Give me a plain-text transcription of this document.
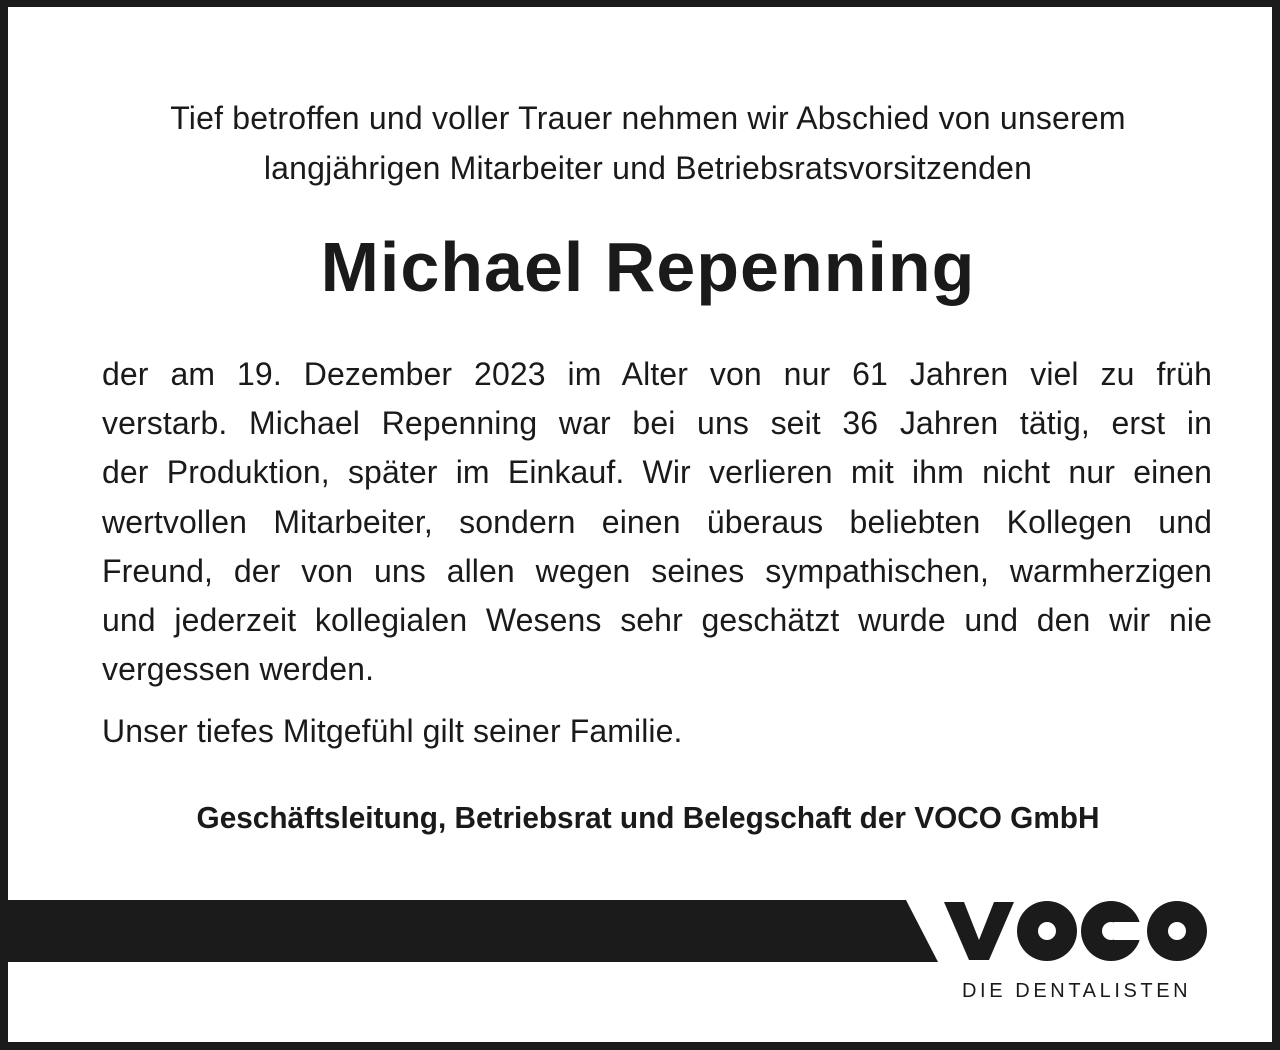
Tief betroffen und voller Trauer nehmen wir Abschied von unserem
langjährigen Mitarbeiter und Betriebsratsvorsitzenden
Michael Repenning
der am 19. Dezember 2023 im Alter von nur 61 Jahren viel zu früh
verstarb. Michael Repenning war bei uns seit 36 Jahren tätig, erst in
der Produktion, später im Einkauf. Wir verlieren mit ihm nicht nur einen
wertvollen Mitarbeiter, sondern einen überaus beliebten Kollegen und
Freund, der von uns allen wegen seines sympathischen, warmherzigen
und jederzeit kollegialen Wesens sehr geschätzt wurde und den wir nie
vergessen werden.
Unser tiefes Mitgefühl gilt seiner Familie.
Geschäftsleitung, Betriebsrat und Belegschaft der VOCO GmbH
DIE DENTALISTEN
